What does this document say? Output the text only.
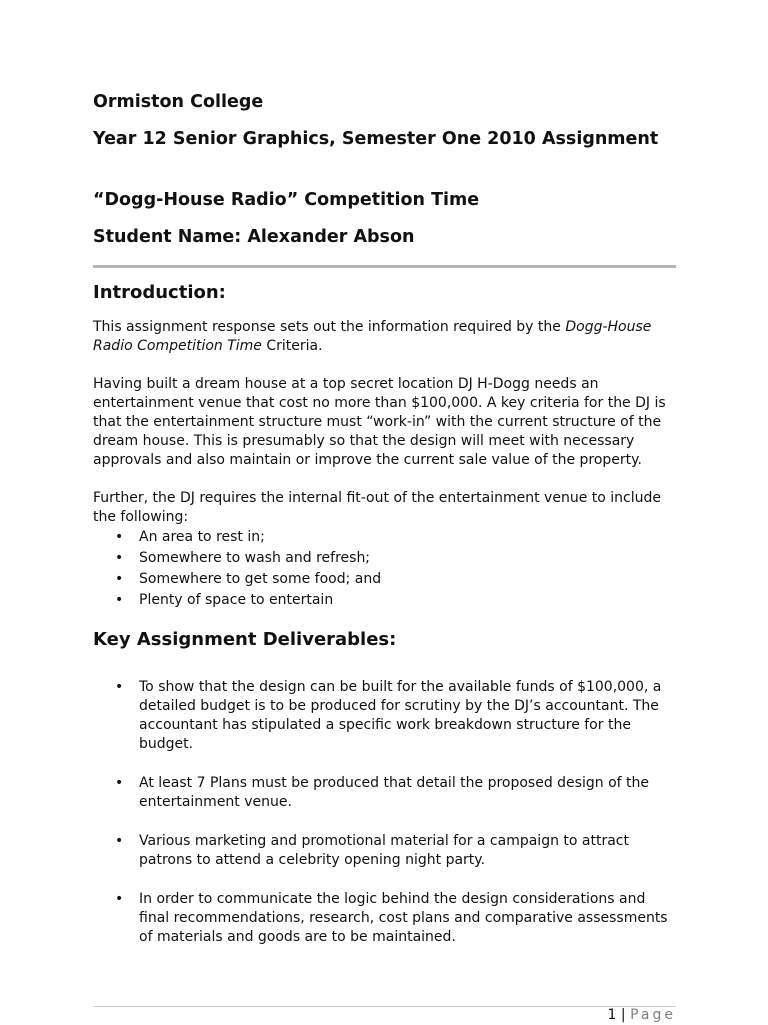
Ormiston College

Year 12 Senior Graphics, Semester One 2010 Assignment

“Dogg-House Radio” Competition Time

Student Name: Alexander Abson

Introduction:

This assignment response sets out the information required by the Dogg-House Radio Competition Time Criteria.

Having built a dream house at a top secret location DJ H-Dogg needs an entertainment venue that cost no more than $100,000. A key criteria for the DJ is that the entertainment structure must “work-in” with the current structure of the dream house. This is presumably so that the design will meet with necessary approvals and also maintain or improve the current sale value of the property.

Further, the DJ requires the internal fit-out of the entertainment venue to include the following:

• An area to rest in;
• Somewhere to wash and refresh;
• Somewhere to get some food; and
• Plenty of space to entertain
Key Assignment Deliverables:
• To show that the design can be built for the available funds of $100,000, a detailed budget is to be produced for scrutiny by the DJ’s accountant. The accountant has stipulated a specific work breakdown structure for the budget.
• At least 7 Plans must be produced that detail the proposed design of the entertainment venue.
• Various marketing and promotional material for a campaign to attract patrons to attend a celebrity opening night party.
• In order to communicate the logic behind the design considerations and final recommendations, research, cost plans and comparative assessments of materials and goods are to be maintained.
1 | Page
